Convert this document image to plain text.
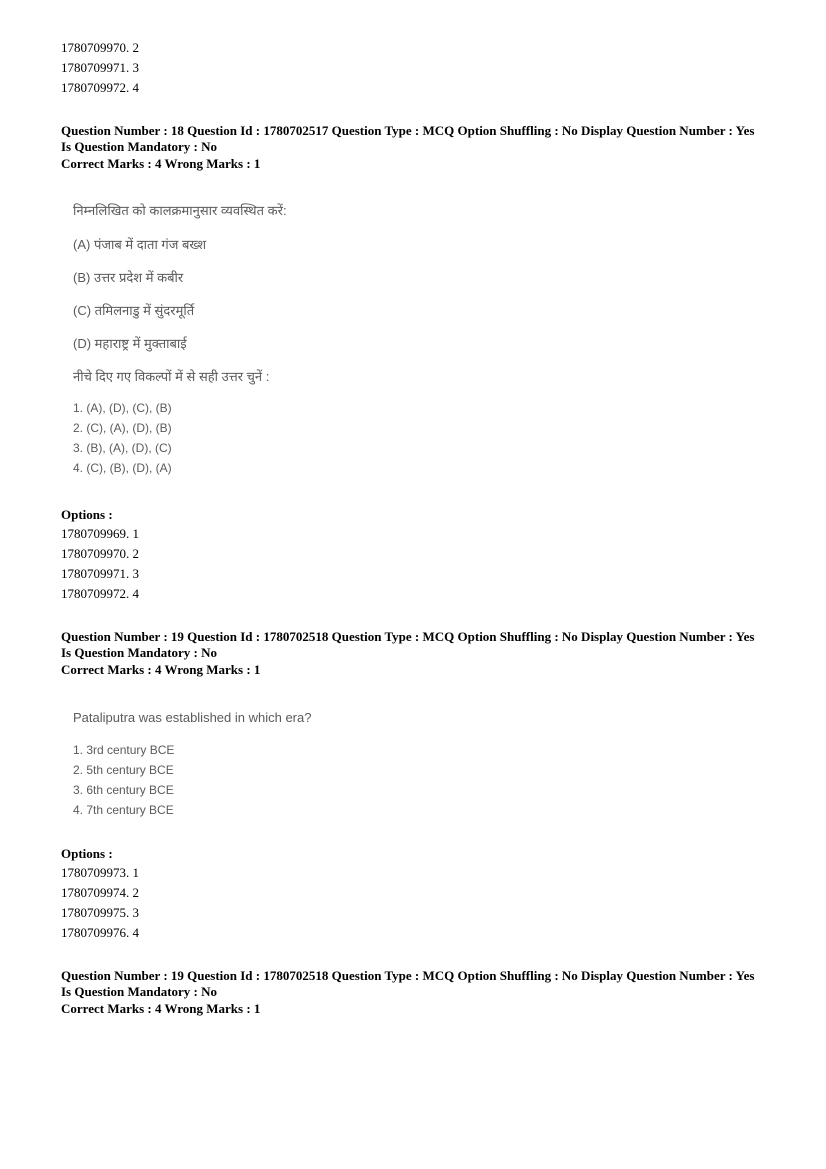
1780709970. 2
1780709971. 3
1780709972. 4
Question Number : 18 Question Id : 1780702517 Question Type : MCQ Option Shuffling : No Display Question Number : Yes
Is Question Mandatory : No
Correct Marks : 4 Wrong Marks : 1
निम्नलिखित को कालक्रमानुसार व्यवस्थित करें:
(A) पंजाब में दाता गंज बख्श
(B) उत्तर प्रदेश में कबीर
(C) तमिलनाडु में सुंदरमूर्ति
(D) महाराष्ट्र में मुक्ताबाई
नीचे दिए गए विकल्पों में से सही उत्तर चुनें :
1. (A), (D), (C), (B)
2. (C), (A), (D), (B)
3. (B), (A), (D), (C)
4. (C), (B), (D), (A)
Options :
1780709969. 1
1780709970. 2
1780709971. 3
1780709972. 4
Question Number : 19 Question Id : 1780702518 Question Type : MCQ Option Shuffling : No Display Question Number : Yes
Is Question Mandatory : No
Correct Marks : 4 Wrong Marks : 1
Pataliputra was established in which era?
1. 3rd century BCE
2. 5th century BCE
3. 6th century BCE
4. 7th century BCE
Options :
1780709973. 1
1780709974. 2
1780709975. 3
1780709976. 4
Question Number : 19 Question Id : 1780702518 Question Type : MCQ Option Shuffling : No Display Question Number : Yes
Is Question Mandatory : No
Correct Marks : 4 Wrong Marks : 1
